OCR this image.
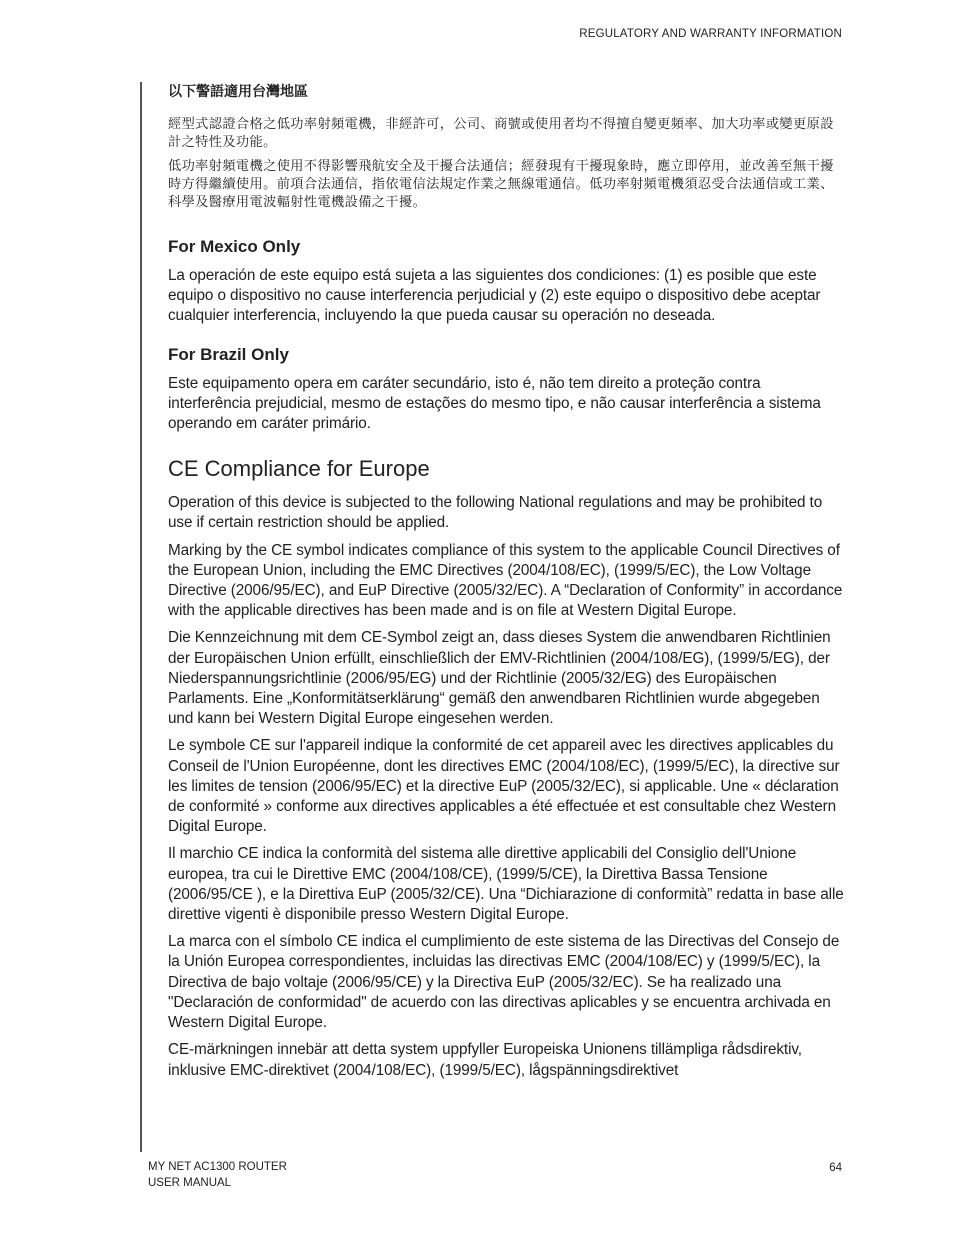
REGULATORY AND WARRANTY INFORMATION
以下警語適用台灣地區

經型式認證合格之低功率射頻電機，非經許可，公司、商號或使用者均不得擅自變更頻率、加大功率或變更原設計之特性及功能。

低功率射頻電機之使用不得影響飛航安全及干擾合法通信；經發現有干擾現象時，應立即停用，並改善至無干擾時方得繼續使用。前項合法通信，指依電信法規定作業之無線電通信。低功率射頻電機須忍受合法通信或工業、科學及醫療用電波輻射性電機設備之干擾。

For Mexico Only

La operación de este equipo está sujeta a las siguientes dos condiciones: (1) es posible que este equipo o dispositivo no cause interferencia perjudicial y (2) este equipo o dispositivo debe aceptar cualquier interferencia, incluyendo la que pueda causar su operación no deseada.

For Brazil Only

Este equipamento opera em caráter secundário, isto é, não tem direito a proteção contra interferência prejudicial, mesmo de estações do mesmo tipo, e não causar interferência a sistema operando em caráter primário.

CE Compliance for Europe

Operation of this device is subjected to the following National regulations and may be prohibited to use if certain restriction should be applied.

Marking by the CE symbol indicates compliance of this system to the applicable Council Directives of the European Union, including the EMC Directives (2004/108/EC), (1999/5/EC), the Low Voltage Directive (2006/95/EC), and EuP Directive (2005/32/EC). A “Declaration of Conformity” in accordance with the applicable directives has been made and is on file at Western Digital Europe.

Die Kennzeichnung mit dem CE-Symbol zeigt an, dass dieses System die anwendbaren Richtlinien der Europäischen Union erfüllt, einschließlich der EMV-Richtlinien (2004/108/EG), (1999/5/EG), der Niederspannungsrichtlinie (2006/95/EG) und der Richtlinie (2005/32/EG) des Europäischen Parlaments. Eine „Konformitätserklärung“ gemäß den anwendbaren Richtlinien wurde abgegeben und kann bei Western Digital Europe eingesehen werden.

Le symbole CE sur l'appareil indique la conformité de cet appareil avec les directives applicables du Conseil de l'Union Européenne, dont les directives EMC (2004/108/EC), (1999/5/EC), la directive sur les limites de tension (2006/95/EC) et la directive EuP (2005/32/EC), si applicable. Une « déclaration de conformité » conforme aux directives applicables a été effectuée et est consultable chez Western Digital Europe.

Il marchio CE indica la conformità del sistema alle direttive applicabili del Consiglio dell'Unione europea, tra cui le Direttive EMC (2004/108/CE), (1999/5/CE), la Direttiva Bassa Tensione (2006/95/CE ), e la Direttiva EuP (2005/32/CE). Una “Dichiarazione di conformità” redatta in base alle direttive vigenti è disponibile presso Western Digital Europe.

La marca con el símbolo CE indica el cumplimiento de este sistema de las Directivas del Consejo de la Unión Europea correspondientes, incluidas las directivas EMC (2004/108/EC) y (1999/5/EC), la Directiva de bajo voltaje (2006/95/CE) y la Directiva EuP (2005/32/EC). Se ha realizado una "Declaración de conformidad" de acuerdo con las directivas aplicables y se encuentra archivada en Western Digital Europe.

CE-märkningen innebär att detta system uppfyller Europeiska Unionens tillämpliga rådsdirektiv, inklusive EMC-direktivet (2004/108/EC), (1999/5/EC), lågspänningsdirektivet

MY NET AC1300 ROUTER
USER MANUAL
64
